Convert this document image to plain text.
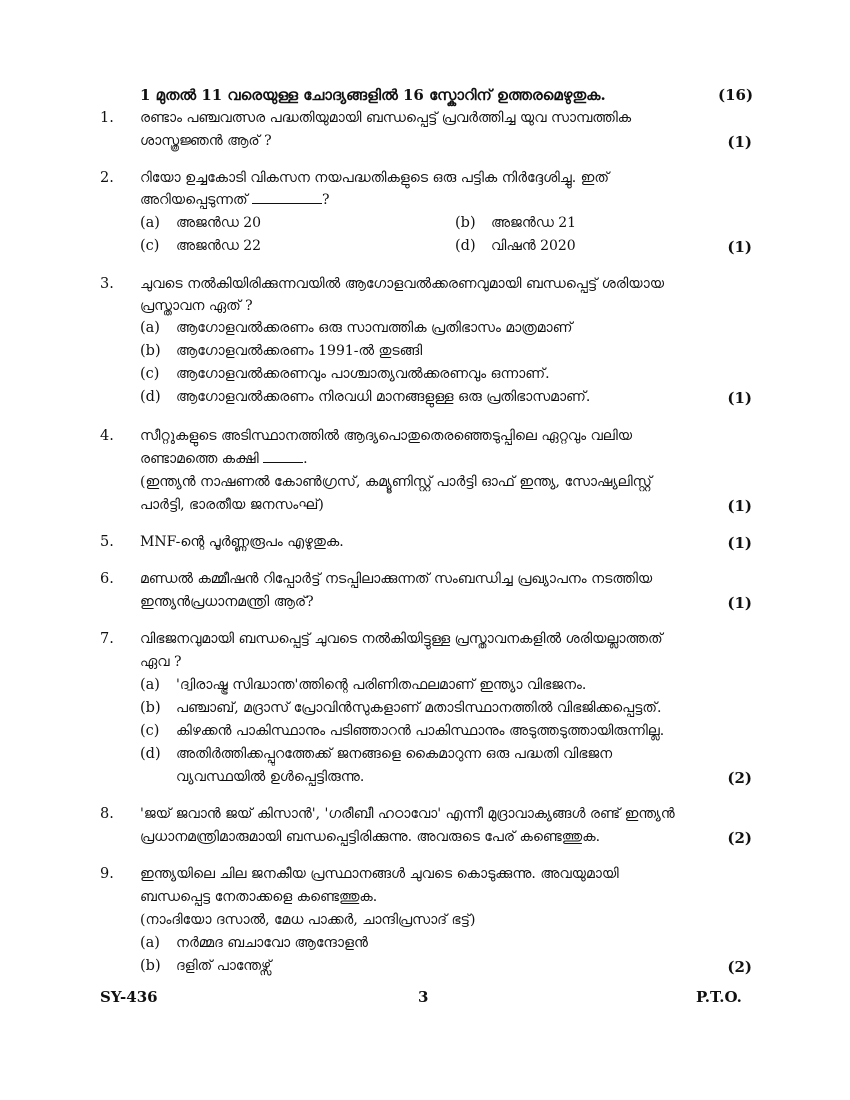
1 മുതൽ 11 വരെയുള്ള ചോദ്യങ്ങളിൽ 16 സ്കോറിന് ഉത്തരമെഴുതുക.	(16)
1. രണ്ടാം പഞ്ചവത്സര പദ്ധതിയുമായി ബന്ധപ്പെട്ട് പ്രവർത്തിച്ച യുവ സാമ്പത്തിക
ശാസ്ത്രജ്ഞൻ ആര് ?	(1)
2. റിയോ ഉച്ചകോടി വികസന നയപദ്ധതികളുടെ ഒരു പട്ടിക നിർദ്ദേശിച്ചു. ഇത്
അറിയപ്പെടുന്നത്	?
(a) അജൻഡ 20	(b) അജൻഡ 21
(c) അജൻഡ 22	(d) വിഷൻ 2020	(1)
3. ചുവടെ നൽകിയിരിക്കുന്നവയിൽ ആഗോളവൽക്കരണവുമായി ബന്ധപ്പെട്ട് ശരിയായ
പ്രസ്താവന ഏത് ?
(a) ആഗോളവൽക്കരണം ഒരു സാമ്പത്തിക പ്രതിഭാസം മാത്രമാണ്
(b) ആഗോളവൽക്കരണം 1991-ൽ തുടങ്ങി
(c) ആഗോളവൽക്കരണവും പാശ്ചാത്യവൽക്കരണവും ഒന്നാണ്.
(d) ആഗോളവൽക്കരണം നിരവധി മാനങ്ങളുള്ള ഒരു പ്രതിഭാസമാണ്.	(1)
4. സീറ്റുകളുടെ അടിസ്ഥാനത്തിൽ ആദ്യപൊതുതെരഞ്ഞെടുപ്പിലെ ഏറ്റവും വലിയ
രണ്ടാമത്തെ കക്ഷി	.
(ഇന്ത്യൻ നാഷണൽ കോൺഗ്രസ്, കമ്യൂണിസ്റ്റ് പാർട്ടി ഓഫ് ഇന്ത്യ, സോഷ്യലിസ്റ്റ്
പാർട്ടി, ഭാരതീയ ജനസംഘ്)	(1)
5. MNF-ന്റെ പൂർണ്ണരൂപം എഴുതുക.	(1)
6. മണ്ഡൽ കമ്മീഷൻ റിപ്പോർട്ട് നടപ്പിലാക്കുന്നത് സംബന്ധിച്ച പ്രഖ്യാപനം നടത്തിയ
ഇന്ത്യൻപ്രധാനമന്ത്രി ആര്?	(1)
7. വിഭജനവുമായി ബന്ധപ്പെട്ട് ചുവടെ നൽകിയിട്ടുള്ള പ്രസ്താവനകളിൽ ശരിയല്ലാത്തത്
ഏവ ?
(a) 'ദ്വിരാഷ്ട്ര സിദ്ധാന്ത'ത്തിന്റെ പരിണിതഫലമാണ് ഇന്ത്യാ വിഭജനം.
(b) പഞ്ചാബ്, മദ്രാസ് പ്രോവിൻസുകളാണ് മതാടിസ്ഥാനത്തിൽ വിഭജിക്കപ്പെട്ടത്.
(c) കിഴക്കൻ പാകിസ്ഥാനും പടിഞ്ഞാറൻ പാകിസ്ഥാനും അടുത്തടുത്തായിരുന്നില്ല.
(d) അതിർത്തിക്കപ്പുറത്തേക്ക് ജനങ്ങളെ കൈമാറുന്ന ഒരു പദ്ധതി വിഭജന
വ്യവസ്ഥയിൽ ഉൾപ്പെട്ടിരുന്നു.	(2)
8. 'ജയ് ജവാൻ ജയ് കിസാൻ', 'ഗരീബീ ഹഠാവോ' എന്നീ മുദ്രാവാക്യങ്ങൾ രണ്ട് ഇന്ത്യൻ
പ്രധാനമന്ത്രിമാരുമായി ബന്ധപ്പെട്ടിരിക്കുന്നു. അവരുടെ പേര് കണ്ടെത്തുക.	(2)
9. ഇന്ത്യയിലെ ചില ജനകീയ പ്രസ്ഥാനങ്ങൾ ചുവടെ കൊടുക്കുന്നു. അവയുമായി
ബന്ധപ്പെട്ട നേതാക്കളെ കണ്ടെത്തുക.
(നാംദിയോ ദസാൽ, മേധ പാക്കർ, ചാന്ദിപ്രസാദ് ഭട്ട്)
(a) നർമ്മദ ബചാവോ ആന്ദോളൻ
(b) ദളിത് പാന്തേഴ്സ്	(2)
SY-436	3	P.T.O.
